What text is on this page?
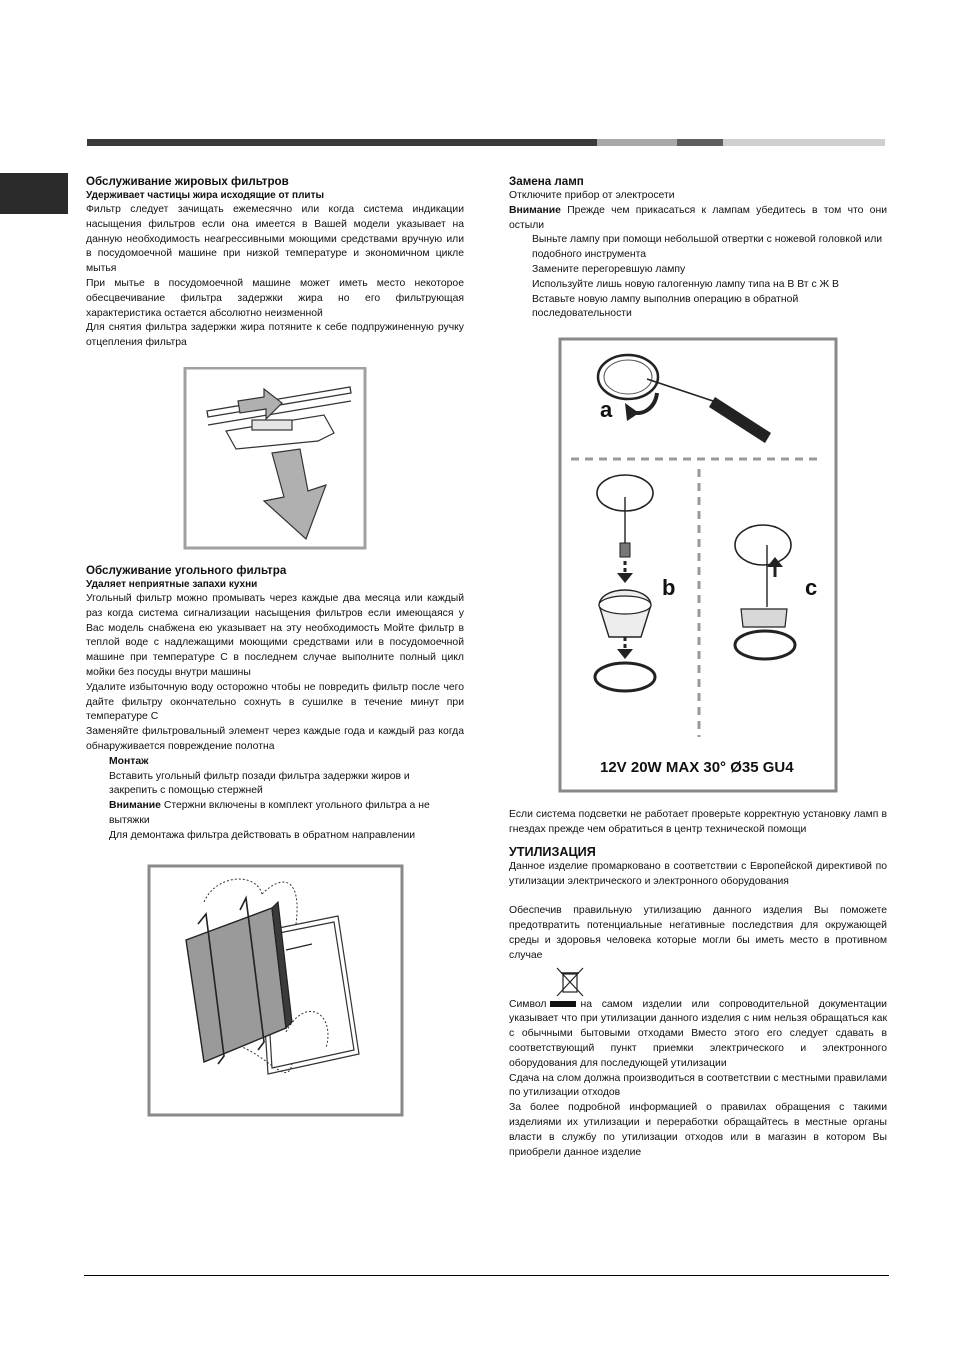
Обслуживание жировых фильтров

Удерживает частицы жира исходящие от плиты

Фильтр следует зачищать ежемесячно или когда система индикации насыщения фильтров если она имеется в Вашей модели указывает на данную необходимость неагрессивными моющими средствами вручную или в посудомоечной машине при низкой температуре и экономичном цикле мытья

При мытье в посудомоечной машине может иметь место некоторое обесцвечивание фильтра задержки жира но его фильтрующая характеристика остается абсолютно неизменной

Для снятия фильтра задержки жира потяните к себе подпружиненную ручку отцепления фильтра

Обслуживание угольного фильтра

Удаляет неприятные запахи кухни

Угольный фильтр можно промывать через каждые два месяца или каждый раз когда система сигнализации насыщения фильтров если имеющаяся у Вас модель снабжена ею указывает на эту необходимость Мойте фильтр в теплой воде с надлежащими моющими средствами или в посудомоечной машине при температуре С в последнем случае выполните полный цикл мойки без посуды внутри машины

Удалите избыточную воду осторожно чтобы не повредить фильтр после чего дайте фильтру окончательно сохнуть в сушилке в течение минут при температуре С

Заменяйте фильтровальный элемент через каждые года и каждый раз когда обнаруживается повреждение полотна

Монтаж

Вставить угольный фильтр позади фильтра задержки жиров и закрепить с помощью стержней

Внимание Стержни включены в комплект угольного фильтра а не вытяжки

Для демонтажа фильтра действовать в обратном направлении

Замена ламп

Отключите прибор от электросети

Внимание Прежде чем прикасаться к лампам убедитесь в том что они остыли

Выньте лампу при помощи небольшой отвертки с ножевой головкой или подобного инструмента

Замените перегоревшую лампу

Используйте лишь новую галогенную лампу типа на В Вт с Ж В

Вставьте новую лампу выполнив операцию в обратной последовательности

a
b	c
12V 20W MAX 30° Ø35 GU4

Если система подсветки не работает проверьте корректную установку ламп в гнездах прежде чем обратиться в центр технической помощи

УТИЛИЗАЦИЯ

Данное изделие промарковано в соответствии с Европейской директивой по утилизации электрического и электронного оборудования

Обеспечив правильную утилизацию данного изделия Вы поможете предотвратить потенциальные негативные последствия для окружающей среды и здоровья человека которые могли бы иметь место в противном случае

Символ	на самом изделии или сопроводительной документации указывает что при утилизации данного изделия с ним нельзя обращаться как с обычными бытовыми отходами Вместо этого его следует сдавать в соответствующий пункт приемки электрического и электронного оборудования для последующей утилизации

Сдача на слом должна производиться в соответствии с местными правилами по утилизации отходов

За более подробной информацией о правилах обращения с такими изделиями их утилизации и переработки обращайтесь в местные органы власти в службу по утилизации отходов или в магазин в котором Вы приобрели данное изделие
